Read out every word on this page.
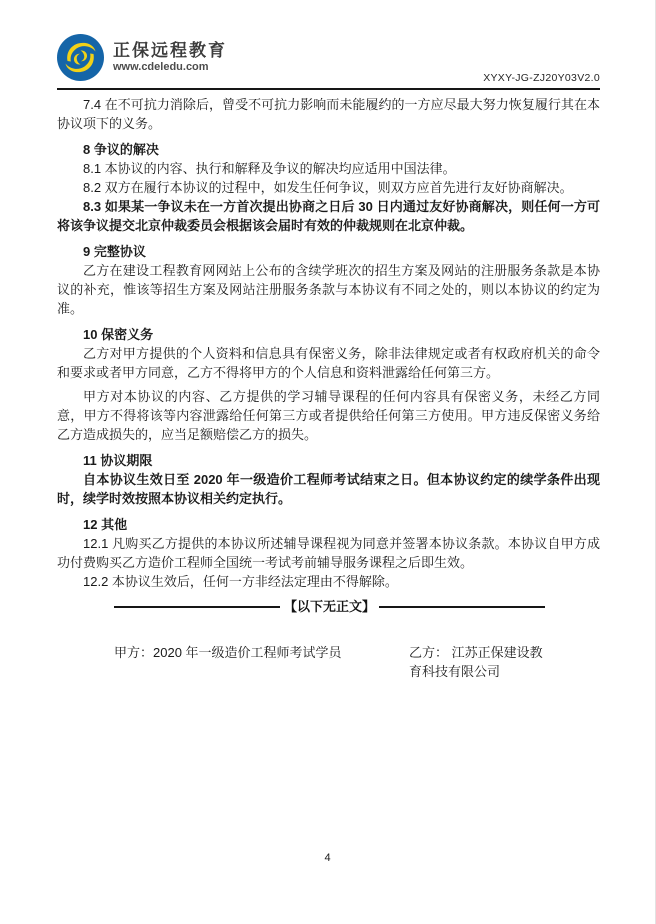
正保远程教育
www.cdeledu.com
XYXY-JG-ZJ20Y03V2.0

7.4 在不可抗力消除后，曾受不可抗力影响而未能履约的一方应尽最大努力恢复履行其在本协议项下的义务。

8 争议的解决

8.1 本协议的内容、执行和解释及争议的解决均应适用中国法律。

8.2 双方在履行本协议的过程中，如发生任何争议，则双方应首先进行友好协商解决。

8.3 如果某一争议未在一方首次提出协商之日后 30 日内通过友好协商解决，则任何一方可将该争议提交北京仲裁委员会根据该会届时有效的仲裁规则在北京仲裁。

9 完整协议

乙方在建设工程教育网网站上公布的含续学班次的招生方案及网站的注册服务条款是本协议的补充，惟该等招生方案及网站注册服务条款与本协议有不同之处的，则以本协议的约定为准。

10 保密义务

乙方对甲方提供的个人资料和信息具有保密义务，除非法律规定或者有权政府机关的命令和要求或者甲方同意，乙方不得将甲方的个人信息和资料泄露给任何第三方。

甲方对本协议的内容、乙方提供的学习辅导课程的任何内容具有保密义务，未经乙方同意，甲方不得将该等内容泄露给任何第三方或者提供给任何第三方使用。甲方违反保密义务给乙方造成损失的，应当足额赔偿乙方的损失。

11 协议期限

自本协议生效日至 2020 年一级造价工程师考试结束之日。但本协议约定的续学条件出现时，续学时效按照本协议相关约定执行。

12 其他

12.1 凡购买乙方提供的本协议所述辅导课程视为同意并签署本协议条款。本协议自甲方成功付费购买乙方造价工程师全国统一考试考前辅导服务课程之后即生效。

12.2 本协议生效后，任何一方非经法定理由不得解除。

【以下无正文】
甲方：2020 年一级造价工程师考试学员	乙方： 江苏正保建设教育科技有限公司
4
